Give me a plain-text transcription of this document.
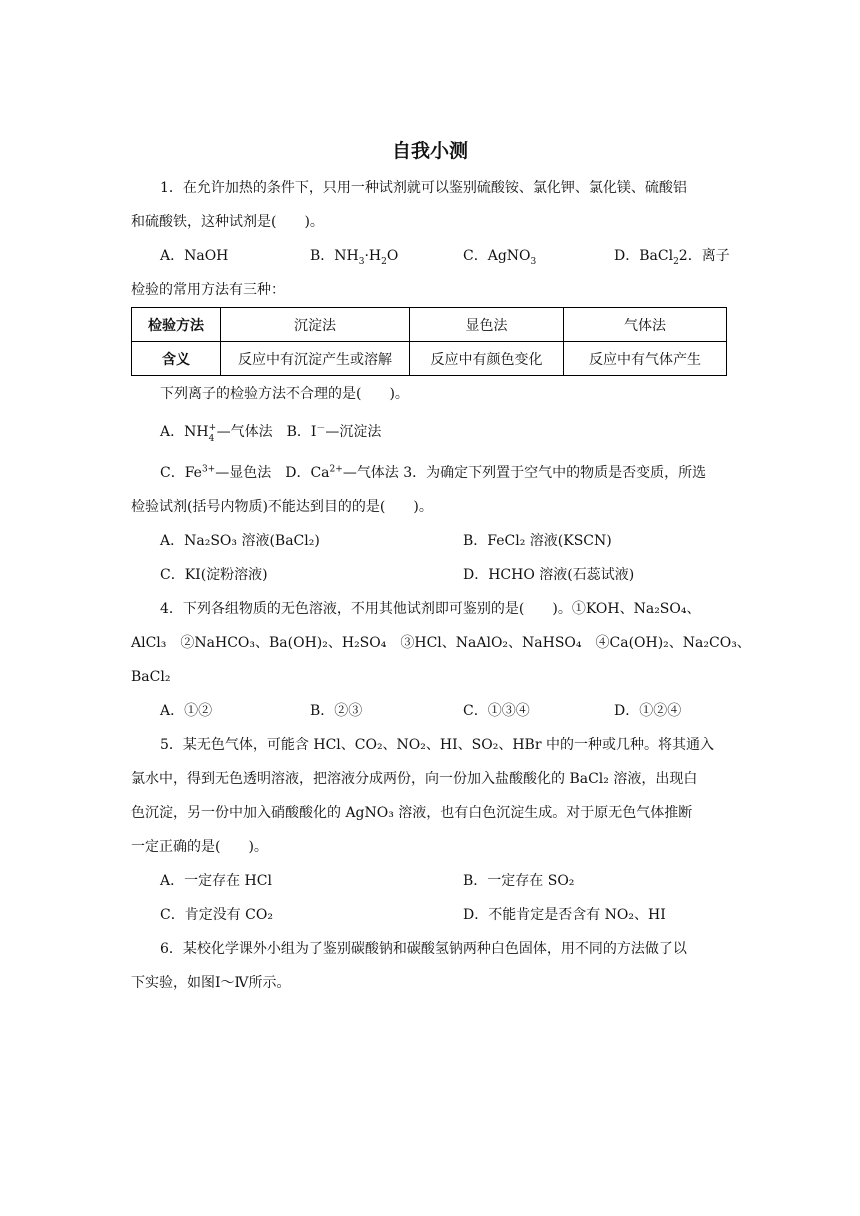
自我小测
1．在允许加热的条件下，只用一种试剂就可以鉴别硫酸铵、氯化钾、氯化镁、硫酸铝
和硫酸铁，这种试剂是(　　)。
A．NaOH	B．$NH_3\cdot H_2O$	C．AgNO$_3$	D．BaCl$_2$2．离子
检验的常用方法有三种：
检验方法	沉淀法	显色法	气体法
含义	反应中有沉淀产生或溶解	反应中有颜色变化	反应中有气体产生
下列离子的检验方法不合理的是(　　)。
A．NH +
4 —气体法　 B．I－—沉淀法
C．$Fe^{3+}—$显色法　 D．$Ca^{2+}—$气体法 3．为确定下列置于空气中的物质是否变质，所选
检验试剂(括号内物质)不能达到目的的是(　　)。
A．Na₂SO₃ 溶液(BaCl₂)	B．FeCl₂ 溶液(KSCN)
C．KI(淀粉溶液)	D．HCHO 溶液(石蕊试液)
4．下列各组物质的无色溶液，不用其他试剂即可鉴别的是(　　)。①KOH、Na₂SO₄、
AlCl₃　②NaHCO₃、Ba(OH)₂、H₂SO₄　③HCl、NaAlO₂、NaHSO₄　④Ca(OH)₂、Na₂CO₃、
BaCl₂
A．①②	B．②③	C．①③④	D．①②④
5．某无色气体，可能含 HCl、CO₂、NO₂、HI、SO₂、HBr 中的一种或几种。将其通入
氯水中，得到无色透明溶液，把溶液分成两份，向一份加入盐酸酸化的 BaCl₂ 溶液，出现白
色沉淀，另一份中加入硝酸酸化的 AgNO₃ 溶液，也有白色沉淀生成。对于原无色气体推断
一定正确的是(　　)。
A．一定存在 HCl	B．一定存在 SO₂
C．肯定没有 CO₂	D．不能肯定是否含有 NO₂、HI
6．某校化学课外小组为了鉴别碳酸钠和碳酸氢钠两种白色固体，用不同的方法做了以
下实验，如图Ⅰ～Ⅳ所示。
